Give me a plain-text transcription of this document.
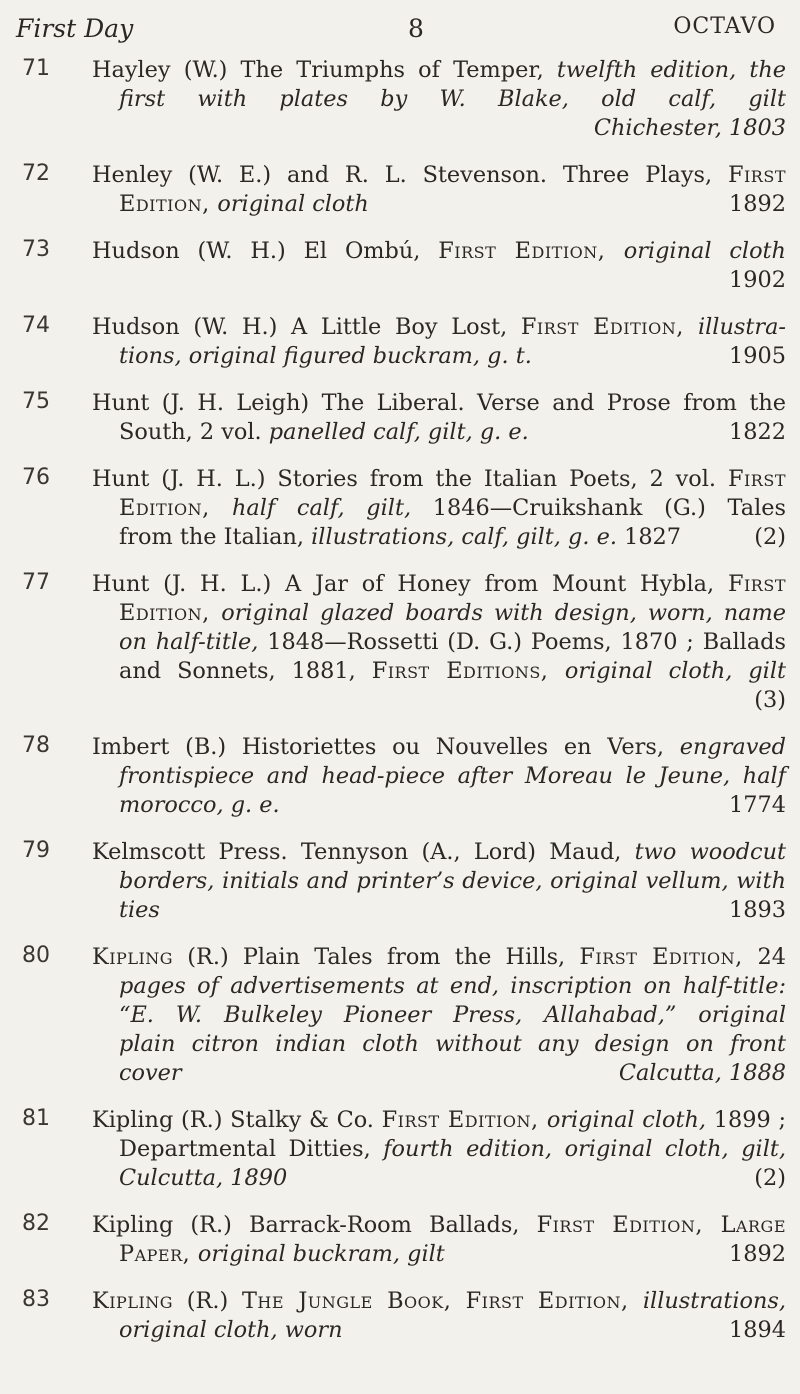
First Day	8	OCTAVO
71 Hayley (W.) The Triumphs of Temper, twelfth edition, the
first with plates by W. Blake, old calf, gilt
Chichester, 1803
72 Henley (W. E.) and R. L. Stevenson. Three Plays, First
Edition, original cloth	1892
73 Hudson (W. H.) El Ombú, First Edition, original cloth
1902
74 Hudson (W. H.) A Little Boy Lost, First Edition, illustra-
tions, original figured buckram, g. t.	1905
75 Hunt (J. H. Leigh) The Liberal. Verse and Prose from the
South, 2 vol. panelled calf, gilt, g. e.	1822
76 Hunt (J. H. L.) Stories from the Italian Poets, 2 vol. First
Edition, half calf, gilt, 1846—Cruikshank (G.) Tales
from the Italian, illustrations, calf, gilt, g. e. 1827	(2)
77 Hunt (J. H. L.) A Jar of Honey from Mount Hybla, First
Edition, original glazed boards with design, worn, name
on half-title, 1848—Rossetti (D. G.) Poems, 1870 ; Ballads
and Sonnets, 1881, First Editions, original cloth, gilt
(3)
78 Imbert (B.) Historiettes ou Nouvelles en Vers, engraved
frontispiece and head-piece after Moreau le Jeune, half
morocco, g. e.	1774
79 Kelmscott Press. Tennyson (A., Lord) Maud, two woodcut
borders, initials and printer’s device, original vellum, with
ties	1893
80 Kipling (R.) Plain Tales from the Hills, First Edition, 24
pages of advertisements at end, inscription on half-title:
“E. W. Bulkeley Pioneer Press, Allahabad,” original
plain citron indian cloth without any design on front
cover	Calcutta, 1888
81 Kipling (R.) Stalky & Co. First Edition, original cloth, 1899 ;
Departmental Ditties, fourth edition, original cloth, gilt,
Culcutta, 1890	(2)
82 Kipling (R.) Barrack-Room Ballads, First Edition, Large
Paper, original buckram, gilt	1892
83 Kipling (R.) The Jungle Book, First Edition, illustrations,
original cloth, worn	1894
